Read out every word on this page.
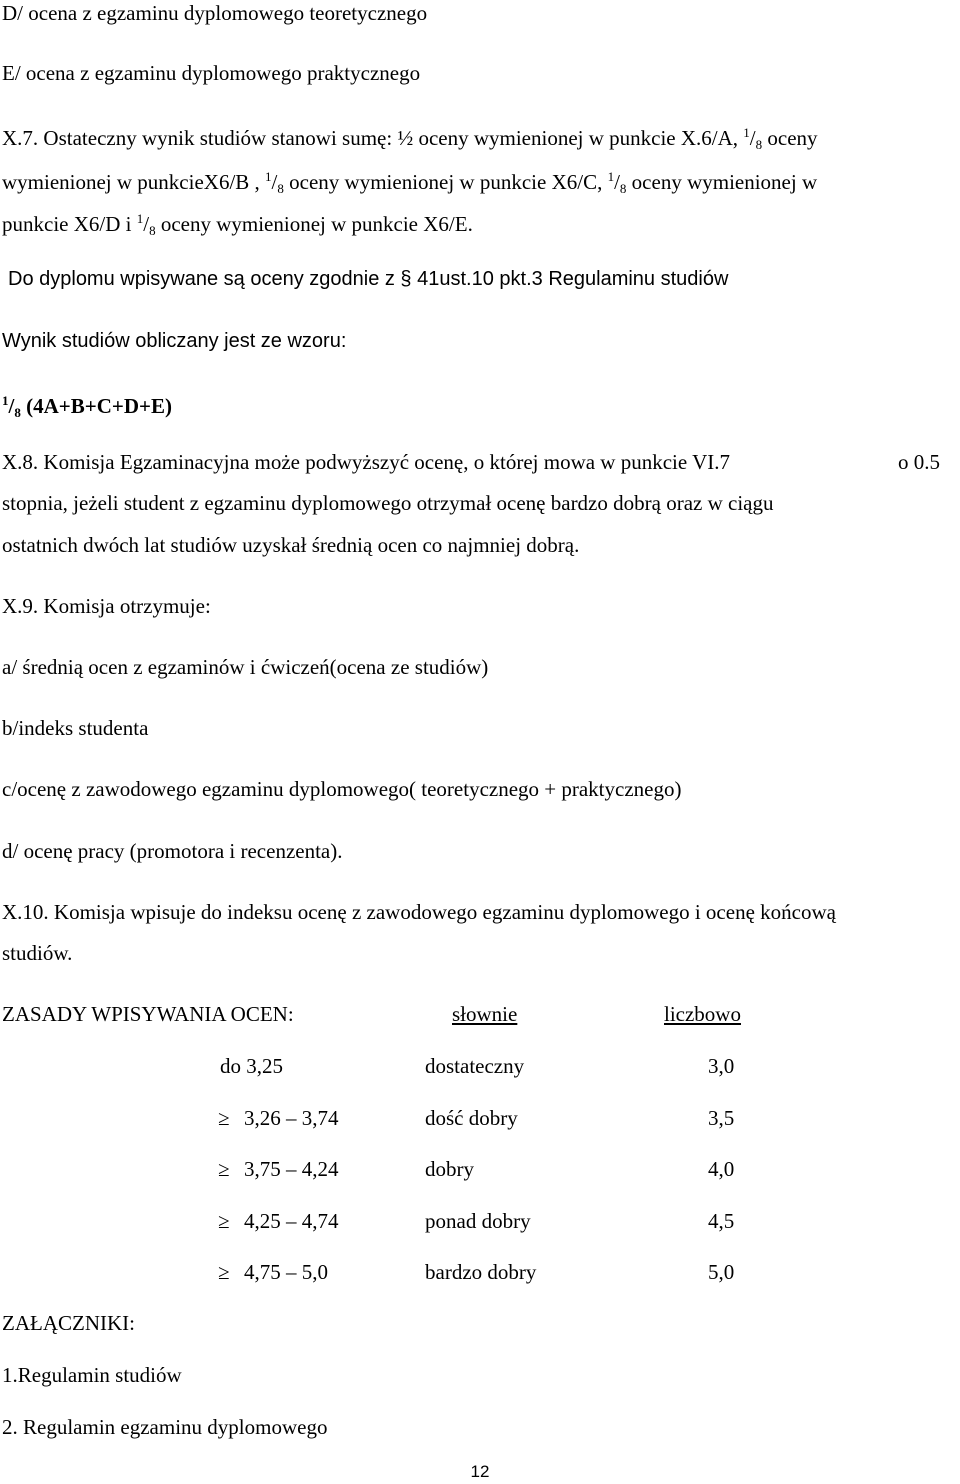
D/ ocena z egzaminu dyplomowego teoretycznego
E/ ocena z egzaminu dyplomowego praktycznego
X.7. Ostateczny wynik studiów stanowi sumę: ½ oceny wymienionej w punkcie X.6/A, $^1/_8$ oceny
wymienionej w punkcieX6/B , $^1/_8$ oceny wymienionej w punkcie X6/C, $^1/_8$ oceny wymienionej w
punkcie X6/D i $^1/_8$ oceny wymienionej w punkcie X6/E.
Do dyplomu wpisywane są oceny zgodnie z § 41ust.10 pkt.3 Regulaminu studiów
Wynik studiów obliczany jest ze wzoru:
$^1/_8$ (4A+B+C+D+E)
X.8. Komisja Egzaminacyjna może podwyższyć ocenę, o której mowa w punkcie VI.7	o 0.5
stopnia, jeżeli student z egzaminu dyplomowego otrzymał ocenę bardzo dobrą oraz w ciągu
ostatnich dwóch lat studiów uzyskał średnią ocen co najmniej dobrą.
X.9. Komisja otrzymuje:
a/ średnią ocen z egzaminów i ćwiczeń(ocena ze studiów)
b/indeks studenta
c/ocenę z zawodowego egzaminu dyplomowego( teoretycznego + praktycznego)
d/ ocenę pracy (promotora i recenzenta).
X.10. Komisja wpisuje do indeksu ocenę z zawodowego egzaminu dyplomowego i ocenę końcową
studiów.
ZASADY WPISYWANIA OCEN:	słownie	liczbowo
do 3,25	dostateczny	3,0
≥ 3,26 – 3,74	dość dobry	3,5
≥ 3,75 – 4,24	dobry	4,0
≥ 4,25 – 4,74	ponad dobry	4,5
≥ 4,75 – 5,0	bardzo dobry	5,0
ZAŁĄCZNIKI:
1.Regulamin studiów
2. Regulamin egzaminu dyplomowego
12
